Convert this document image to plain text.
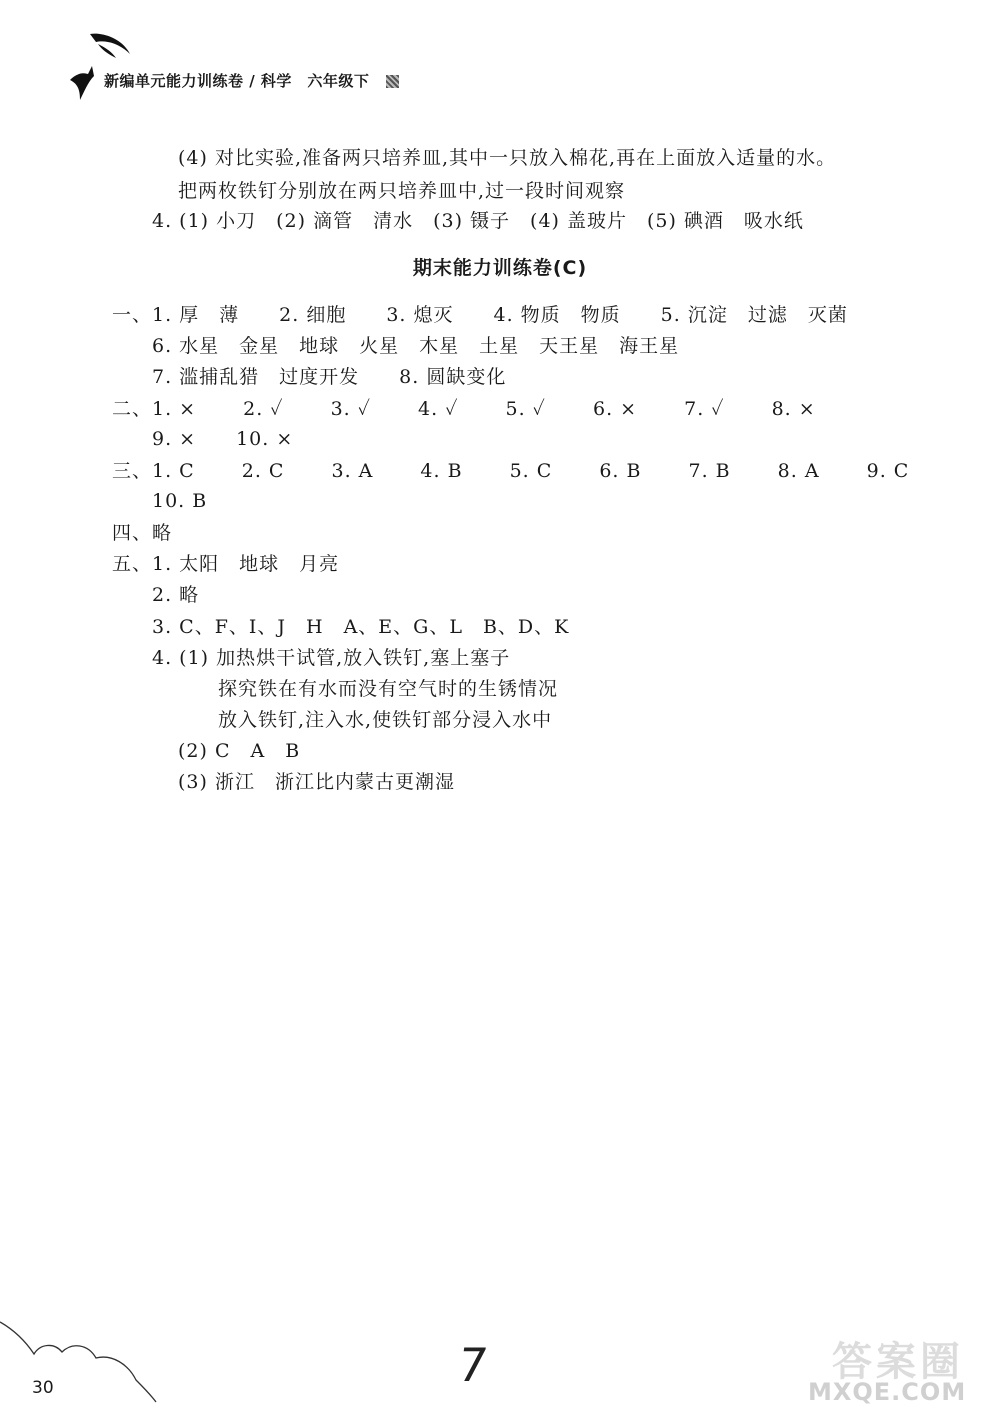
新编单元能力训练卷 / 科学　六年级下
(4) 对比实验,准备两只培养皿,其中一只放入棉花,再在上面放入适量的水。
把两枚铁钉分别放在两只培养皿中,过一段时间观察
4. (1) 小刀　(2) 滴管　清水　(3) 镊子　(4) 盖玻片　(5) 碘酒　吸水纸
期末能力训练卷(C)
一、1. 厚　薄　　2. 细胞　　3. 熄灭　　4. 物质　物质　　5. 沉淀　过滤　灭菌
6. 水星　金星　地球　火星　木星　土星　天王星　海王星
7. 滥捕乱猎　过度开发　　8. 圆缺变化
二、1. ×　　 2. ✓　　 3. ✓　　 4. ✓　　 5. ✓　　 6. ×　　 7. ✓　　 8. ×
9. ×　　10. ×
三、1. C　　 2. C　　 3. A　　 4. B　　 5. C　　 6. B　　 7. B　　 8. A　　 9. C
10. B
四、略
五、1. 太阳　地球　月亮
2. 略
3. C、F、I、J　H　A、E、G、L　B、D、K
4. (1) 加热烘干试管,放入铁钉,塞上塞子
探究铁在有水而没有空气时的生锈情况
放入铁钉,注入水,使铁钉部分浸入水中
(2) C　A　B
(3) 浙江　浙江比内蒙古更潮湿
30	7	答案圈
MXQE.COM
